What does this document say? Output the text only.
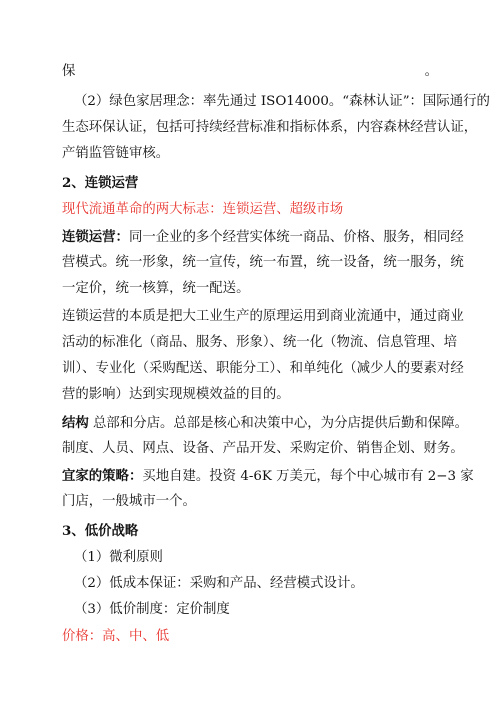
保。
（2）绿色家居理念：率先通过 ISO14000。“森林认证”：国际通行的
生态环保认证，包括可持续经营标准和指标体系，内容森林经营认证，
产销监管链审核。
2、连锁运营
现代流通革命的两大标志：连锁运营、超级市场
连锁运营：同一企业的多个经营实体统一商品、价格、服务，相同经
营模式。统一形象，统一宣传，统一布置，统一设备，统一服务，统
一定价，统一核算，统一配送。
连锁运营的本质是把大工业生产的原理运用到商业流通中，通过商业
活动的标准化（商品、服务、形象）、统一化（物流、信息管理、培
训）、专业化（采购配送、职能分工）、和单纯化（减少人的要素对经
营的影响）达到实现规模效益的目的。
结构 总部和分店。总部是核心和决策中心，为分店提供后勤和保障。
制度、人员、网点、设备、产品开发、采购定价、销售企划、财务。
宜家的策略：买地自建。投资 4-6K 万美元，每个中心城市有 2−3 家
门店，一般城市一个。
3、低价战略
（1）微利原则
（2）低成本保证：采购和产品、经营模式设计。
（3）低价制度：定价制度
价格：高、中、低
